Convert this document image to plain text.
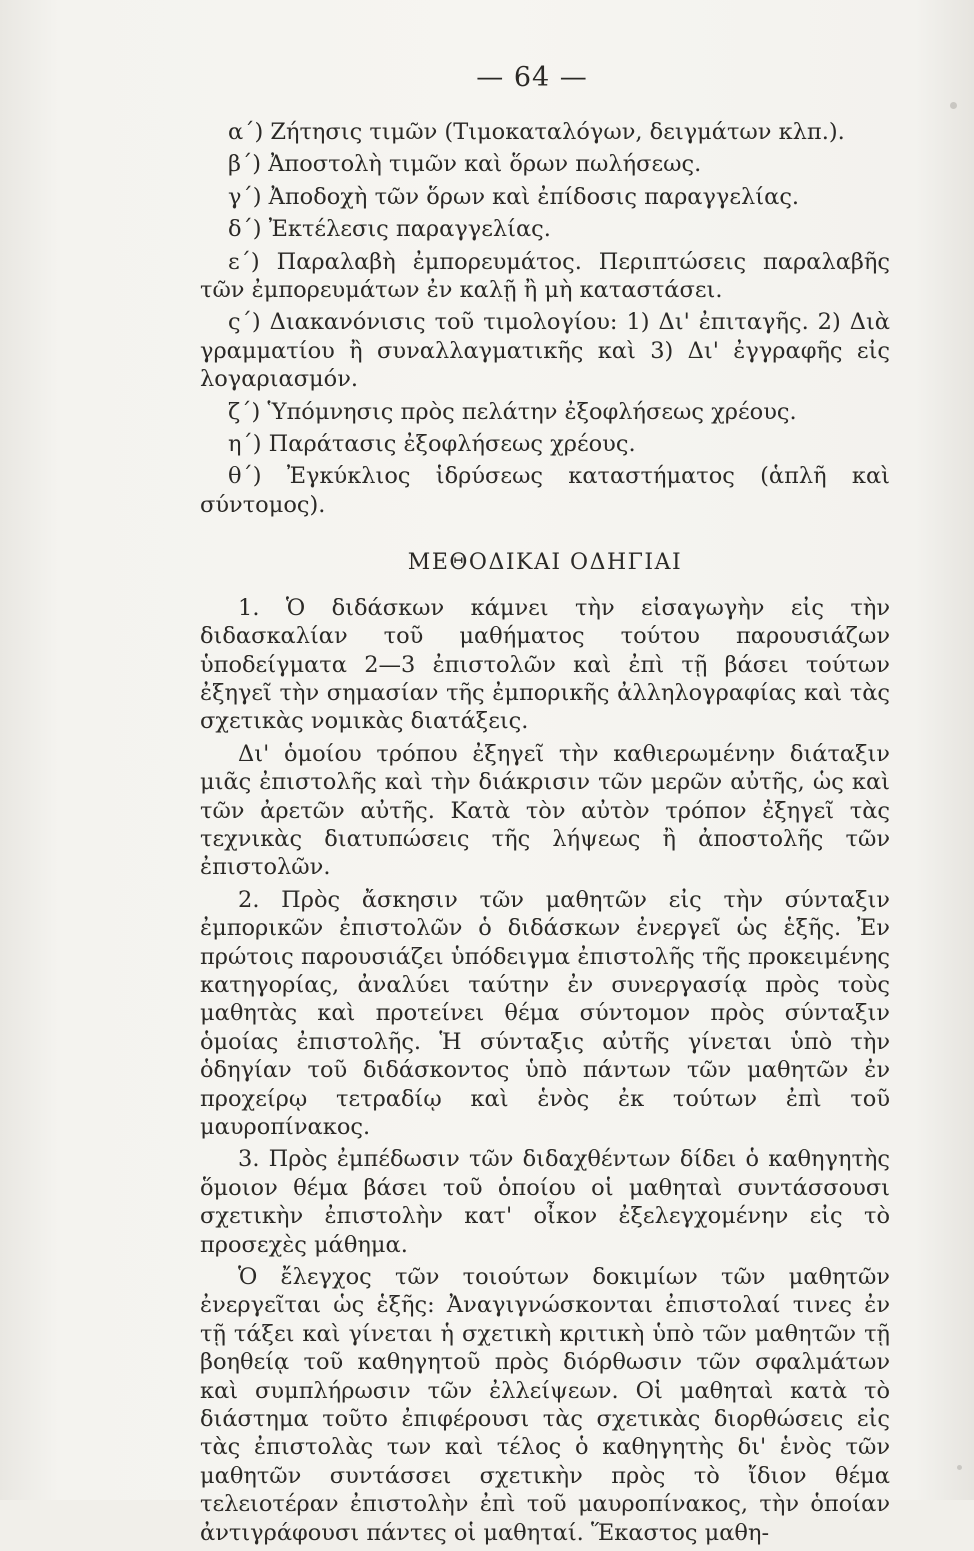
— 64 —

α΄) Ζήτησις τιμῶν (Τιμοκαταλόγων, δειγμάτων κλπ.).

β΄) Ἀποστολὴ τιμῶν καὶ ὅρων πωλήσεως.

γ΄) Ἀποδοχὴ τῶν ὅρων καὶ ἐπίδοσις παραγγελίας.

δ΄) Ἐκτέλεσις παραγγελίας.

ε΄) Παραλαβὴ ἐμπορευμάτος. Περιπτώσεις παραλαβῆς τῶν ἐμπορευμάτων ἐν καλῇ ἢ μὴ καταστάσει.

ς΄) Διακανόνισις τοῦ τιμολογίου: 1) Δι' ἐπιταγῆς. 2) Διὰ γραμματίου ἢ συναλλαγματικῆς καὶ 3) Δι' ἐγγραφῆς εἰς λογαριασμόν.

ζ΄) Ὑπόμνησις πρὸς πελάτην ἐξοφλήσεως χρέους.

η΄) Παράτασις ἐξοφλήσεως χρέους.

θ΄) Ἐγκύκλιος ἱδρύσεως καταστήματος (ἁπλῆ καὶ σύντομος).

ΜΕΘΟΔΙΚΑΙ ΟΔΗΓΙΑΙ

1. Ὁ διδάσκων κάμνει τὴν εἰσαγωγὴν εἰς τὴν διδασκαλίαν τοῦ μαθήματος τούτου παρουσιάζων ὑποδείγματα 2—3 ἐπιστολῶν καὶ ἐπὶ τῇ βάσει τούτων ἐξηγεῖ τὴν σημασίαν τῆς ἐμπορικῆς ἀλληλογραφίας καὶ τὰς σχετικὰς νομικὰς διατάξεις.

Δι' ὁμοίου τρόπου ἐξηγεῖ τὴν καθιερωμένην διάταξιν μιᾶς ἐπιστολῆς καὶ τὴν διάκρισιν τῶν μερῶν αὐτῆς, ὡς καὶ τῶν ἀρετῶν αὐτῆς. Κατὰ τὸν αὐτὸν τρόπον ἐξηγεῖ τὰς τεχνικὰς διατυπώσεις τῆς λήψεως ἢ ἀποστολῆς τῶν ἐπιστολῶν.

2. Πρὸς ἄσκησιν τῶν μαθητῶν εἰς τὴν σύνταξιν ἐμπορικῶν ἐπιστολῶν ὁ διδάσκων ἐνεργεῖ ὡς ἑξῆς. Ἐν πρώτοις παρουσιάζει ὑπόδειγμα ἐπιστολῆς τῆς προκειμένης κατηγορίας, ἀναλύει ταύτην ἐν συνεργασίᾳ πρὸς τοὺς μαθητὰς καὶ προτείνει θέμα σύντομον πρὸς σύνταξιν ὁμοίας ἐπιστολῆς. Ἡ σύνταξις αὐτῆς γίνεται ὑπὸ τὴν ὁδηγίαν τοῦ διδάσκοντος ὑπὸ πάντων τῶν μαθητῶν ἐν προχείρῳ τετραδίῳ καὶ ἑνὸς ἐκ τούτων ἐπὶ τοῦ μαυροπίνακος.

3. Πρὸς ἐμπέδωσιν τῶν διδαχθέντων δίδει ὁ καθηγητὴς ὅμοιον θέμα βάσει τοῦ ὁποίου οἱ μαθηταὶ συντάσσουσι σχετικὴν ἐπιστολὴν κατ' οἶκον ἐξελεγχομένην εἰς τὸ προσεχὲς μάθημα.

Ὁ ἔλεγχος τῶν τοιούτων δοκιμίων τῶν μαθητῶν ἐνεργεῖται ὡς ἑξῆς: Ἀναγιγνώσκονται ἐπιστολαί τινες ἐν τῇ τάξει καὶ γίνεται ἡ σχετικὴ κριτικὴ ὑπὸ τῶν μαθητῶν τῇ βοηθείᾳ τοῦ καθηγητοῦ πρὸς διόρθωσιν τῶν σφαλμάτων καὶ συμπλήρωσιν τῶν ἐλλείψεων. Οἱ μαθηταὶ κατὰ τὸ διάστημα τοῦτο ἐπιφέρουσι τὰς σχετικὰς διορθώσεις εἰς τὰς ἐπιστολὰς των καὶ τέλος ὁ καθηγητὴς δι' ἑνὸς τῶν μαθητῶν συντάσσει σχετικὴν πρὸς τὸ ἴδιον θέμα τελειοτέραν ἐπιστολὴν ἐπὶ τοῦ μαυροπίνακος, τὴν ὁποίαν ἀντιγράφουσι πάντες οἱ μαθηταί. Ἕκαστος μαθη-
